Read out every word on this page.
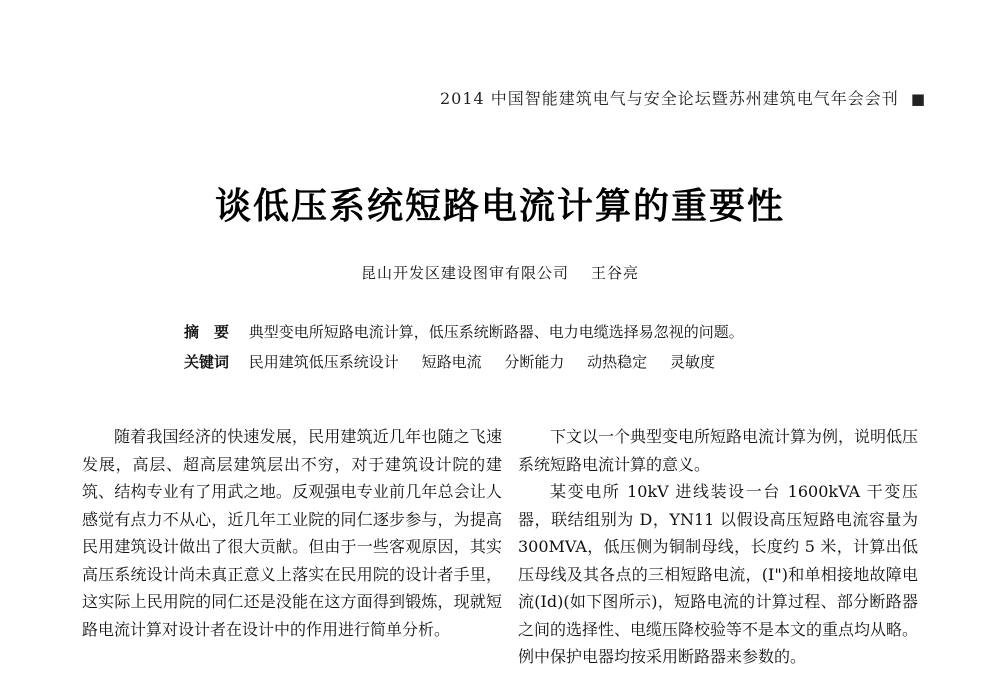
2014 中国智能建筑电气与安全论坛暨苏州建筑电气年会会刊 ■
谈低压系统短路电流计算的重要性
昆山开发区建设图审有限公司 王谷亮
摘　要 典型变电所短路电流计算，低压系统断路器、电力电缆选择易忽视的问题。
关键词 民用建筑低压系统设计 短路电流 分断能力 动热稳定 灵敏度

随着我国经济的快速发展，民用建筑近几年也随之飞速发展，高层、超高层建筑层出不穷，对于建筑设计院的建筑、结构专业有了用武之地。反观强电专业前几年总会让人感觉有点力不从心，近几年工业院的同仁逐步参与，为提高民用建筑设计做出了很大贡献。但由于一些客观原因，其实高压系统设计尚未真正意义上落实在民用院的设计者手里，这实际上民用院的同仁还是没能在这方面得到锻炼，现就短路电流计算对设计者在设计中的作用进行简单分析。

下文以一个典型变电所短路电流计算为例，说明低压系统短路电流计算的意义。

某变电所 10kV 进线装设一台 1600kVA 干变压器，联结组别为 D，YN11 以假设高压短路电流容量为 300MVA，低压侧为铜制母线，长度约 5 米，计算出低压母线及其各点的三相短路电流，(I")和单相接地故障电流(Id)(如下图所示)，短路电流的计算过程、部分断路器之间的选择性、电缆压降校验等不是本文的重点均从略。例中保护电器均按采用断路器来参数的。
